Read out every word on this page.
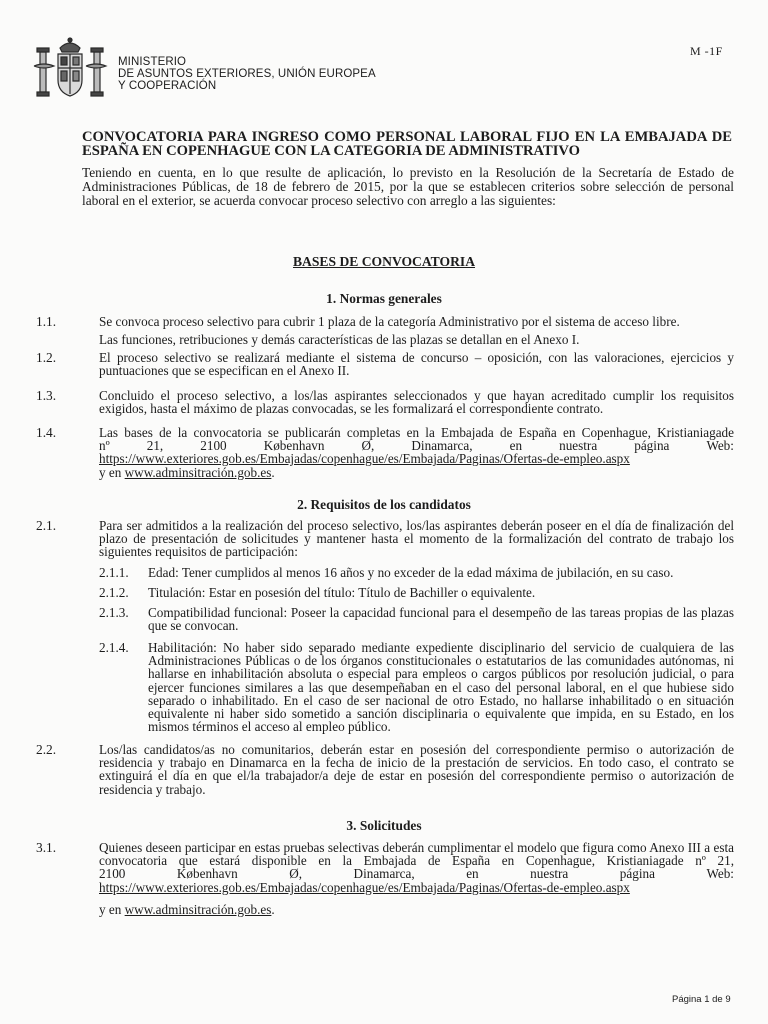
MINISTERIO
DE ASUNTOS EXTERIORES, UNIÓN EUROPEA
Y COOPERACIÓN
M -1F
CONVOCATORIA PARA INGRESO COMO PERSONAL LABORAL FIJO EN LA EMBAJADA DE ESPAÑA EN COPENHAGUE CON LA CATEGORIA DE ADMINISTRATIVO
Teniendo en cuenta, en lo que resulte de aplicación, lo previsto en la Resolución de la Secretaría de Estado de Administraciones Públicas, de 18 de febrero de 2015, por la que se establecen criterios sobre selección de personal laboral en el exterior, se acuerda convocar proceso selectivo con arreglo a las siguientes:
BASES DE CONVOCATORIA
1. Normas generales
1.1.	Se convoca proceso selectivo para cubrir 1 plaza de la categoría Administrativo por el sistema de acceso libre.
Las funciones, retribuciones y demás características de las plazas se detallan en el Anexo I.
1.2.	El proceso selectivo se realizará mediante el sistema de concurso – oposición, con las valoraciones, ejercicios y puntuaciones que se especifican en el Anexo II.
1.3.	Concluido el proceso selectivo, a los/las aspirantes seleccionados y que hayan acreditado cumplir los requisitos exigidos, hasta el máximo de plazas convocadas, se les formalizará el correspondiente contrato.
1.4.	Las bases de la convocatoria se publicarán completas en la Embajada de España en Copenhague, Kristianiagade
nº	21,	2100	København	Ø,	Dinamarca,	en	nuestra	página	Web:
https://www.exteriores.gob.es/Embajadas/copenhague/es/Embajada/Paginas/Ofertas-de-empleo.aspx
y en www.adminsitración.gob.es.
2. Requisitos de los candidatos
2.1.	Para ser admitidos a la realización del proceso selectivo, los/las aspirantes deberán poseer en el día de finalización del plazo de presentación de solicitudes y mantener hasta el momento de la formalización del contrato de trabajo los siguientes requisitos de participación:
2.1.1. Edad: Tener cumplidos al menos 16 años y no exceder de la edad máxima de jubilación, en su caso.
2.1.2. Titulación: Estar en posesión del título: Título de Bachiller o equivalente.
2.1.3. Compatibilidad funcional: Poseer la capacidad funcional para el desempeño de las tareas propias de las plazas que se convocan.
2.1.4. Habilitación: No haber sido separado mediante expediente disciplinario del servicio de cualquiera de las Administraciones Públicas o de los órganos constitucionales o estatutarios de las comunidades autónomas, ni hallarse en inhabilitación absoluta o especial para empleos o cargos públicos por resolución judicial, o para ejercer funciones similares a las que desempeñaban en el caso del personal laboral, en el que hubiese sido separado o inhabilitado. En el caso de ser nacional de otro Estado, no hallarse inhabilitado o en situación equivalente ni haber sido sometido a sanción disciplinaria o equivalente que impida, en su Estado, en los mismos términos el acceso al empleo público.
2.2.	Los/las candidatos/as no comunitarios, deberán estar en posesión del correspondiente permiso o autorización de residencia y trabajo en Dinamarca en la fecha de inicio de la prestación de servicios. En todo caso, el contrato se extinguirá el día en que el/la trabajador/a deje de estar en posesión del correspondiente permiso o autorización de residencia y trabajo.
3. Solicitudes
3.1.	Quienes deseen participar en estas pruebas selectivas deberán cumplimentar el modelo que figura como Anexo III a esta convocatoria que estará disponible en la Embajada de España en Copenhague, Kristianiagade nº 21,
2100	København	Ø,	Dinamarca,	en	nuestra	página	Web:
https://www.exteriores.gob.es/Embajadas/copenhague/es/Embajada/Paginas/Ofertas-de-empleo.aspx
y en www.adminsitración.gob.es.
Página 1 de 9
